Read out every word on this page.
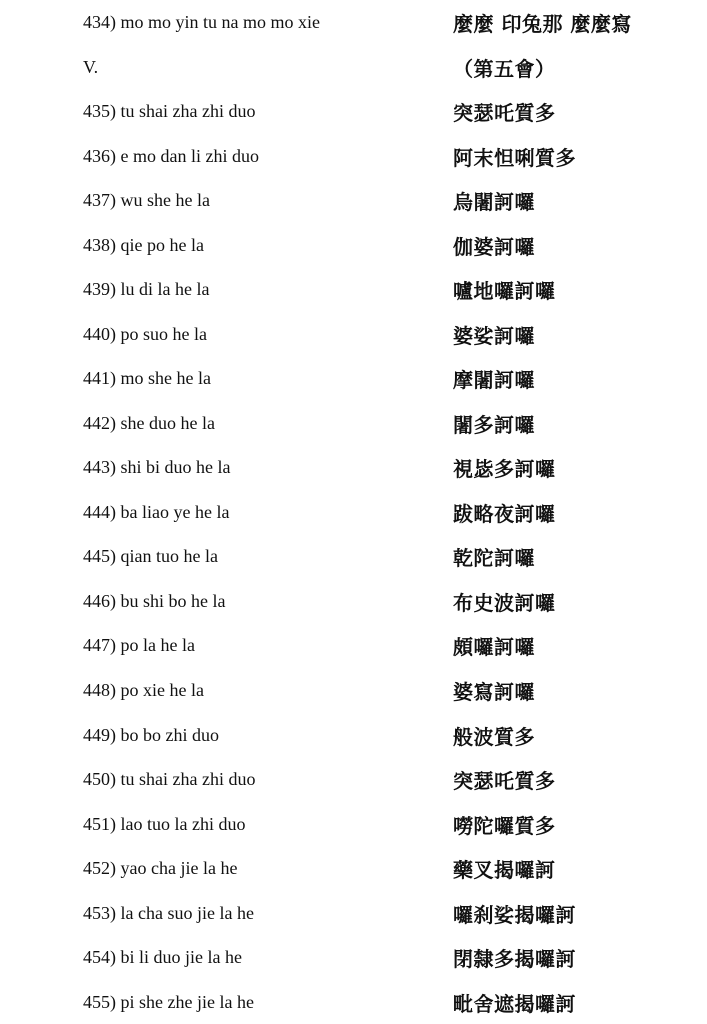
434) mo mo yin tu na mo mo xie	麼麼 印兔那 麼麼寫
V.	（第五會）
435) tu shai zha zhi duo	突瑟吒質多
436) e mo dan li zhi duo	阿末怛唎質多
437) wu she he la	烏闍訶囉
438) qie po he la	伽婆訶囉
439) lu di la he la	嚧地囉訶囉
440) po suo he la	婆娑訶囉
441) mo she he la	摩闍訶囉
442) she duo he la	闍多訶囉
443) shi bi duo he la	視毖多訶囉
444) ba liao ye he la	跋略夜訶囉
445) qian tuo he la	乾陀訶囉
446) bu shi bo he la	布史波訶囉
447) po la he la	頗囉訶囉
448) po xie he la	婆寫訶囉
449) bo bo zhi duo	般波質多
450) tu shai zha zhi duo	突瑟吒質多
451) lao tuo la zhi duo	嘮陀囉質多
452) yao cha jie la he	藥叉揭囉訶
453) la cha suo jie la he	囉刹娑揭囉訶
454) bi li duo jie la he	閉隸多揭囉訶
455) pi she zhe jie la he	毗舍遮揭囉訶
